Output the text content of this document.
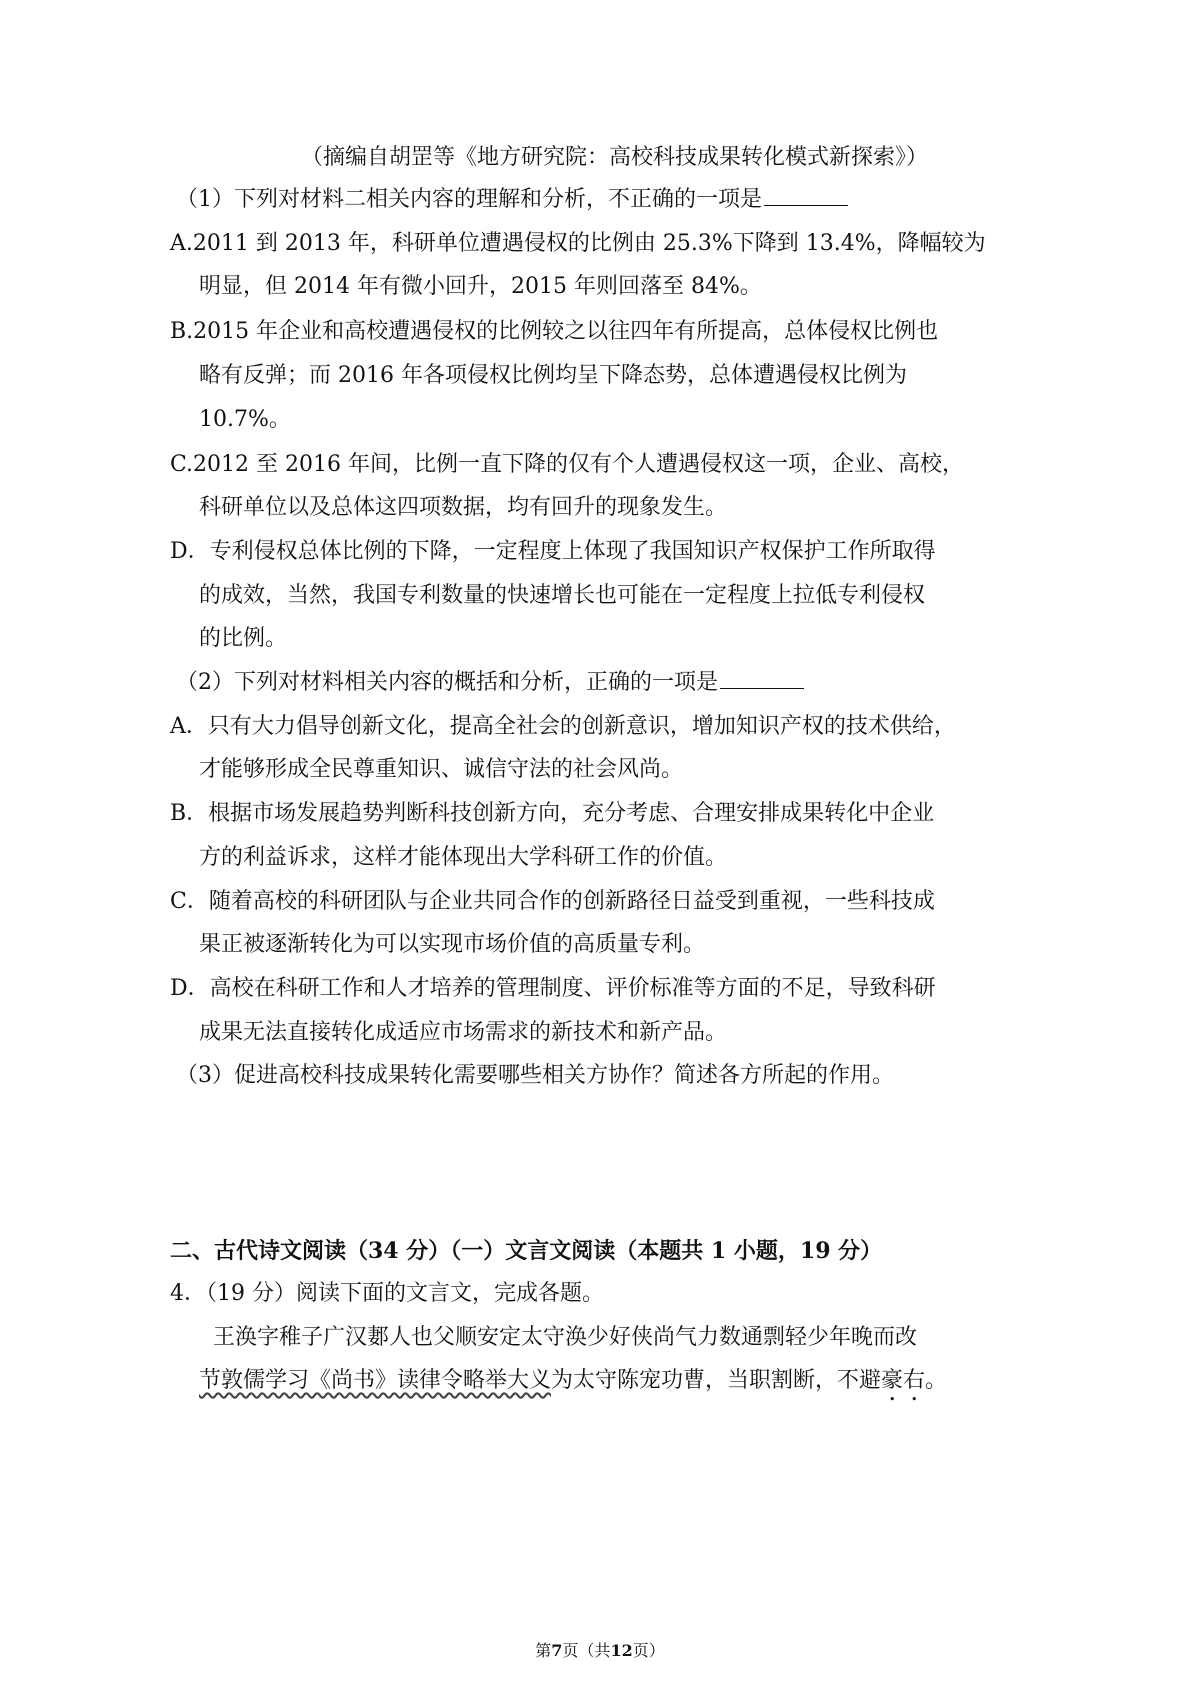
（摘编自胡罡等《地方研究院：高校科技成果转化模式新探索》）
（1）下列对材料二相关内容的理解和分析，不正确的一项是
A.2011 到 2013 年，科研单位遭遇侵权的比例由 25.3%下降到 13.4%，降幅较为
明显，但 2014 年有微小回升，2015 年则回落至 84%。
B.2015 年企业和高校遭遇侵权的比例较之以往四年有所提高，总体侵权比例也
略有反弹；而 2016 年各项侵权比例均呈下降态势，总体遭遇侵权比例为
10.7%。
C.2012 至 2016 年间，比例一直下降的仅有个人遭遇侵权这一项，企业、高校，
科研单位以及总体这四项数据，均有回升的现象发生。
D．专利侵权总体比例的下降，一定程度上体现了我国知识产权保护工作所取得
的成效，当然，我国专利数量的快速增长也可能在一定程度上拉低专利侵权
的比例。
（2）下列对材料相关内容的概括和分析，正确的一项是
A．只有大力倡导创新文化，提高全社会的创新意识，增加知识产权的技术供给，
才能够形成全民尊重知识、诚信守法的社会风尚。
B．根据市场发展趋势判断科技创新方向，充分考虑、合理安排成果转化中企业
方的利益诉求，这样才能体现出大学科研工作的价值。
C．随着高校的科研团队与企业共同合作的创新路径日益受到重视，一些科技成
果正被逐渐转化为可以实现市场价值的高质量专利。
D．高校在科研工作和人才培养的管理制度、评价标准等方面的不足，导致科研
成果无法直接转化成适应市场需求的新技术和新产品。
（3）促进高校科技成果转化需要哪些相关方协作？简述各方所起的作用。
二、古代诗文阅读（34 分）（一）文言文阅读（本题共 1 小题，19 分）
4．（19 分）阅读下面的文言文，完成各题。
王涣字稚子广汉郪人也父顺安定太守涣少好侠尚气力数通剽轻少年晚而改
节敦儒学习《尚书》读律令略举大义为太守陈宠功曹，当职割断，不避豪右。
第7页（共12页）
